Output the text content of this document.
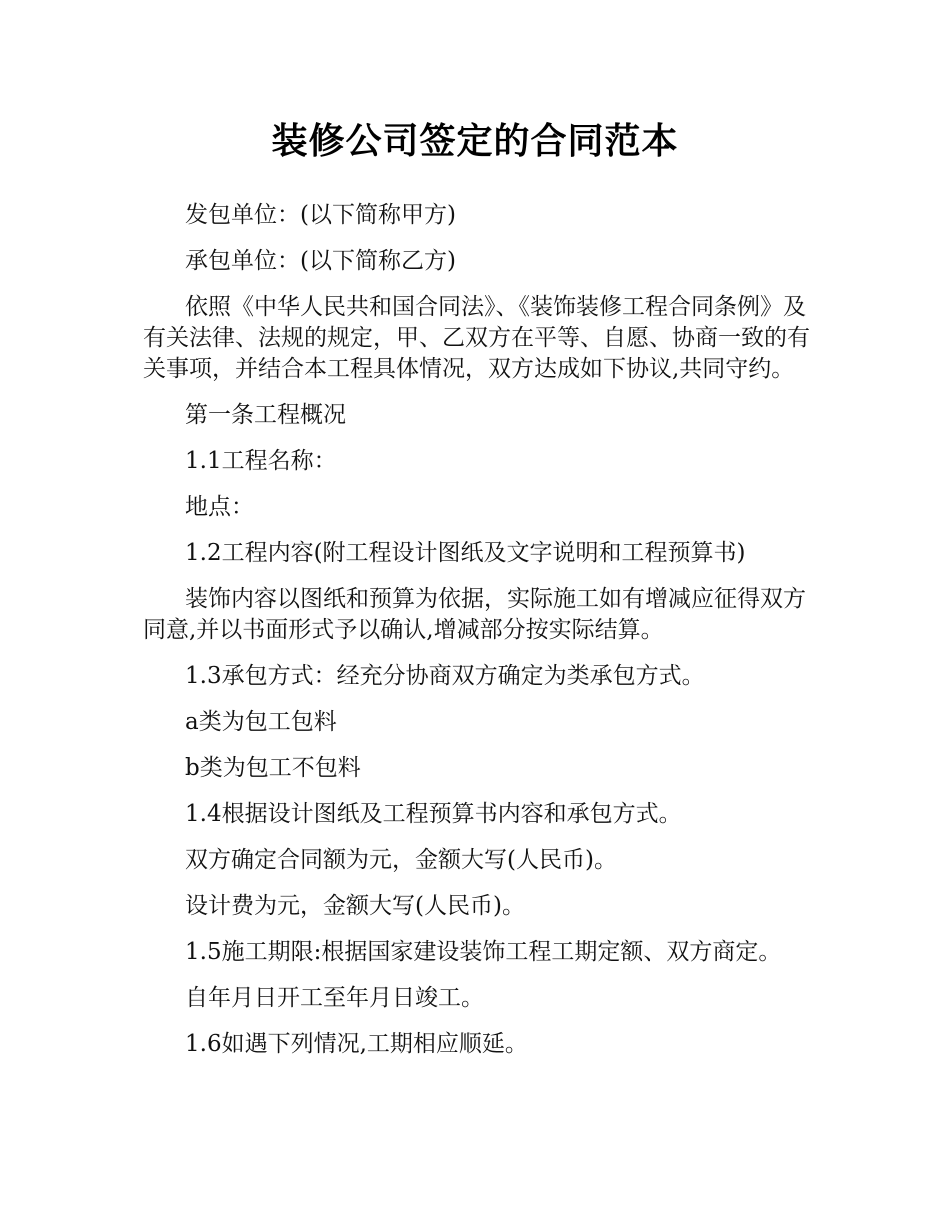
装修公司签定的合同范本

发包单位：(以下简称甲方)

承包单位：(以下简称乙方)

依照《中华人民共和国合同法》、《装饰装修工程合同条例》及有关法律、法规的规定，甲、乙双方在平等、自愿、协商一致的有关事项，并结合本工程具体情况，双方达成如下协议,共同守约。

第一条工程概况

1.1工程名称：

地点：

1.2工程内容(附工程设计图纸及文字说明和工程预算书)

装饰内容以图纸和预算为依据，实际施工如有增减应征得双方同意,并以书面形式予以确认,增减部分按实际结算。

1.3承包方式：经充分协商双方确定为类承包方式。

a类为包工包料

b类为包工不包料

1.4根据设计图纸及工程预算书内容和承包方式。

双方确定合同额为元，金额大写(人民币)。

设计费为元，金额大写(人民币)。

1.5施工期限:根据国家建设装饰工程工期定额、双方商定。

自年月日开工至年月日竣工。

1.6如遇下列情况,工期相应顺延。
